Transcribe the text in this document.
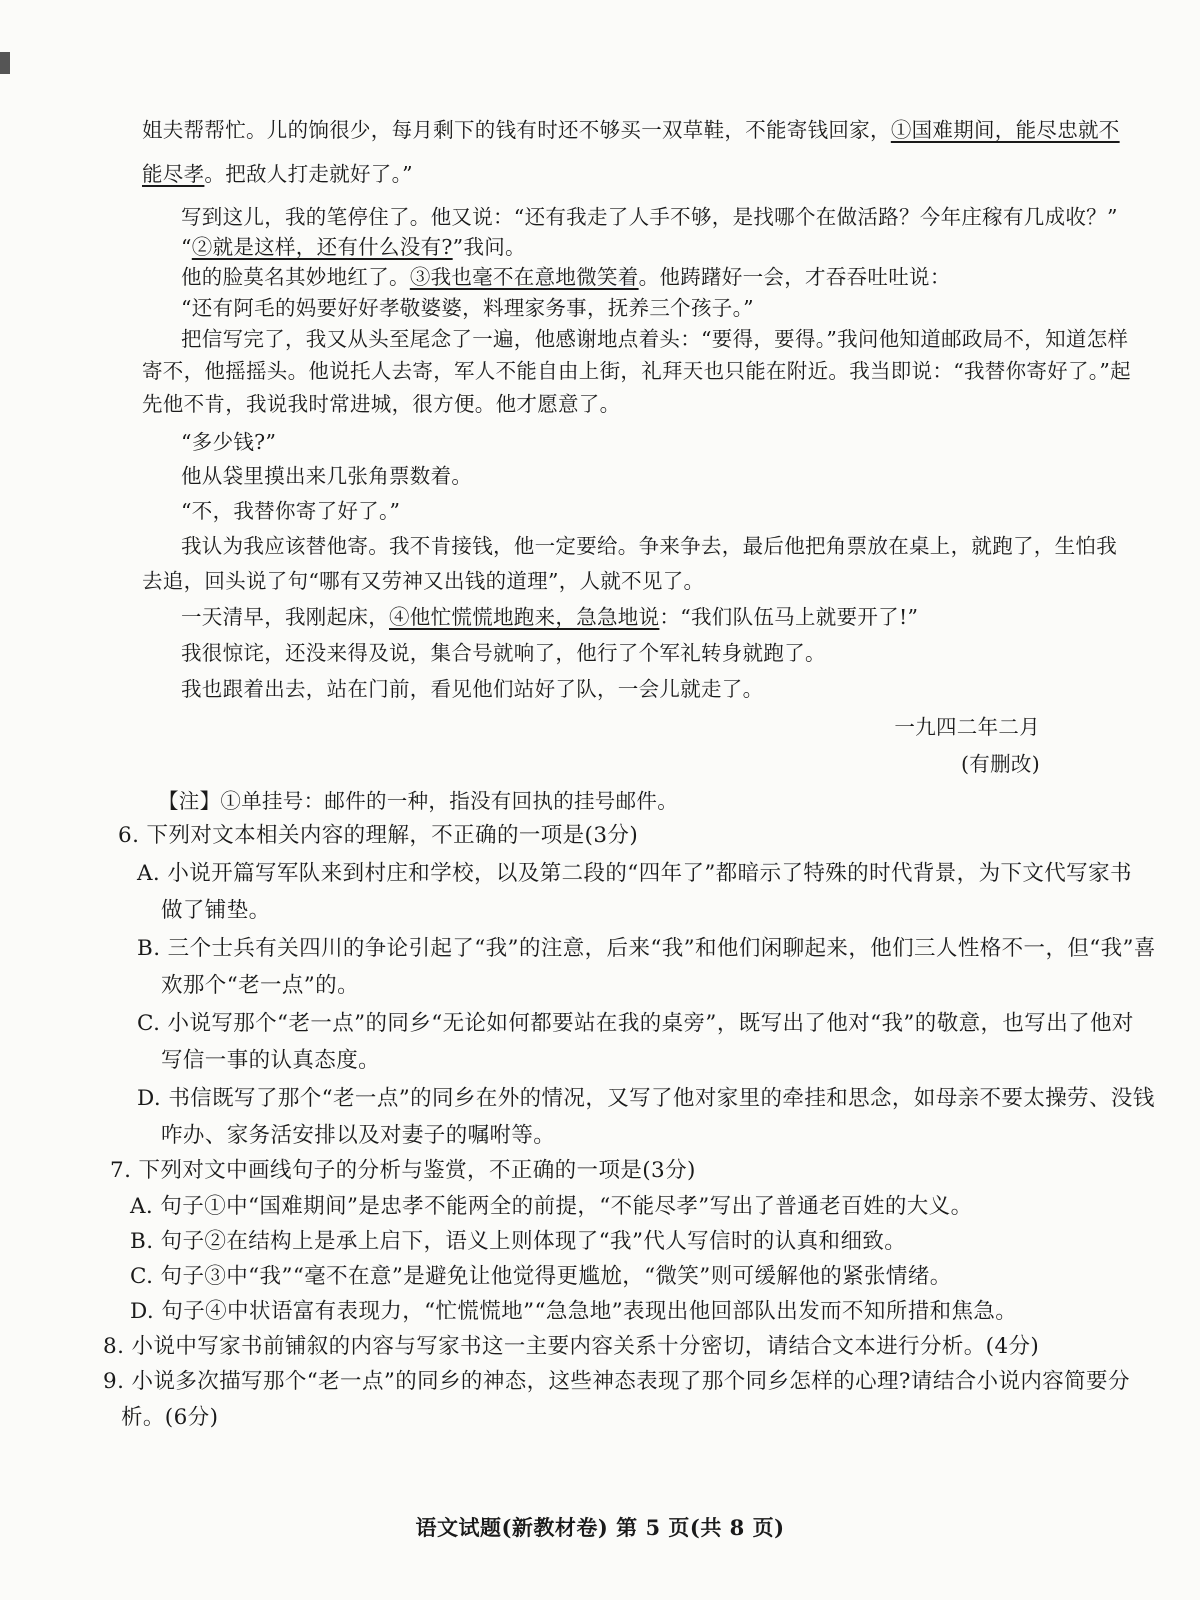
姐夫帮帮忙。儿的饷很少，每月剩下的钱有时还不够买一双草鞋，不能寄钱回家，①国难期间，能尽忠就不
能尽孝。把敌人打走就好了。”
写到这儿，我的笔停住了。他又说：“还有我走了人手不够，是找哪个在做活路？今年庄稼有几成收？”
“②就是这样，还有什么没有?”我问。
他的脸莫名其妙地红了。③我也毫不在意地微笑着。他踌躇好一会，才吞吞吐吐说：
“还有阿毛的妈要好好孝敬婆婆，料理家务事，抚养三个孩子。”
把信写完了，我又从头至尾念了一遍，他感谢地点着头：“要得，要得。”我问他知道邮政局不，知道怎样
寄不，他摇摇头。他说托人去寄，军人不能自由上街，礼拜天也只能在附近。我当即说：“我替你寄好了。”起
先他不肯，我说我时常进城，很方便。他才愿意了。
“多少钱?”
他从袋里摸出来几张角票数着。
“不，我替你寄了好了。”
我认为我应该替他寄。我不肯接钱，他一定要给。争来争去，最后他把角票放在桌上，就跑了，生怕我
去追，回头说了句“哪有又劳神又出钱的道理”，人就不见了。
一天清早，我刚起床，④他忙慌慌地跑来，急急地说：“我们队伍马上就要开了!”
我很惊诧，还没来得及说，集合号就响了，他行了个军礼转身就跑了。
我也跟着出去，站在门前，看见他们站好了队，一会儿就走了。
一九四二年二月
(有删改)
【注】①单挂号：邮件的一种，指没有回执的挂号邮件。
6. 下列对文本相关内容的理解，不正确的一项是(3分)
A. 小说开篇写军队来到村庄和学校，以及第二段的“四年了”都暗示了特殊的时代背景，为下文代写家书
做了铺垫。
B. 三个士兵有关四川的争论引起了“我”的注意，后来“我”和他们闲聊起来，他们三人性格不一，但“我”喜
欢那个“老一点”的。
C. 小说写那个“老一点”的同乡“无论如何都要站在我的桌旁”，既写出了他对“我”的敬意，也写出了他对
写信一事的认真态度。
D. 书信既写了那个“老一点”的同乡在外的情况，又写了他对家里的牵挂和思念，如母亲不要太操劳、没钱
咋办、家务活安排以及对妻子的嘱咐等。
7. 下列对文中画线句子的分析与鉴赏，不正确的一项是(3分)
A. 句子①中“国难期间”是忠孝不能两全的前提，“不能尽孝”写出了普通老百姓的大义。
B. 句子②在结构上是承上启下，语义上则体现了“我”代人写信时的认真和细致。
C. 句子③中“我”“毫不在意”是避免让他觉得更尴尬，“微笑”则可缓解他的紧张情绪。
D. 句子④中状语富有表现力，“忙慌慌地”“急急地”表现出他回部队出发而不知所措和焦急。
8. 小说中写家书前铺叙的内容与写家书这一主要内容关系十分密切，请结合文本进行分析。(4分)
9. 小说多次描写那个“老一点”的同乡的神态，这些神态表现了那个同乡怎样的心理?请结合小说内容简要分
析。(6分)
语文试题(新教材卷) 第 5 页(共 8 页)
